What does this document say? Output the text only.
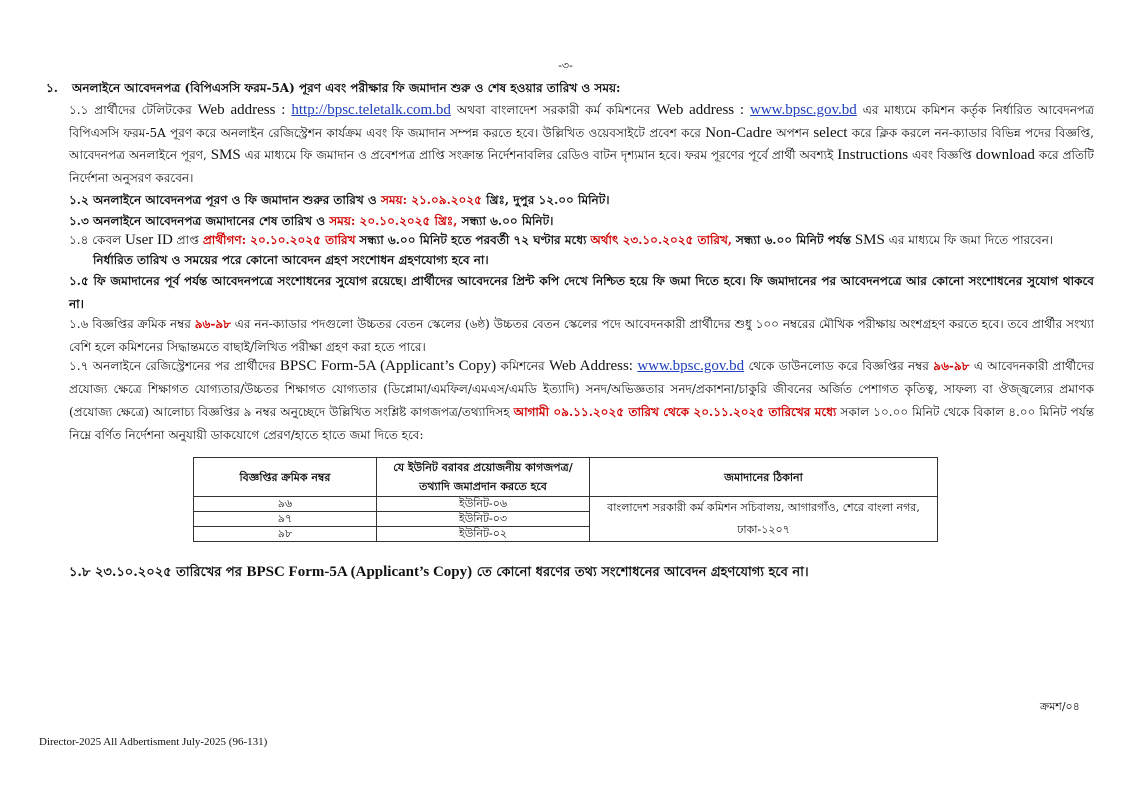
-৩-
১. অনলাইনে আবেদনপত্র (বিপিএসসি ফরম-5A) পূরণ এবং পরীক্ষার ফি জমাদান শুরু ও শেষ হওয়ার তারিখ ও সময়:
১.১ প্রার্থীদের টেলিটকের Web address : http://bpsc.teletalk.com.bd অথবা বাংলাদেশ সরকারী কর্ম কমিশনের Web address : www.bpsc.gov.bd এর মাধ্যমে কমিশন কর্তৃক নির্ধারিত আবেদনপত্র বিপিএসসি ফরম-5A পূরণ করে অনলাইন রেজিস্ট্রেশন কার্যক্রম এবং ফি জমাদান সম্পন্ন করতে হবে। উল্লিখিত ওয়েবসাইটে প্রবেশ করে Non-Cadre অপশন select করে ক্লিক করলে নন-ক্যাডার বিভিন্ন পদের বিজ্ঞপ্তি, আবেদনপত্র অনলাইনে পূরণ, SMS এর মাধ্যমে ফি জমাদান ও প্রবেশপত্র প্রাপ্তি সংক্রান্ত নির্দেশনাবলির রেডিও বাটন দৃশ্যমান হবে। ফরম পূরণের পূর্বে প্রার্থী অবশ্যই Instructions এবং বিজ্ঞপ্তি download করে প্রতিটি নির্দেশনা অনুসরণ করবেন।
১.২ অনলাইনে আবেদনপত্র পূরণ ও ফি জমাদান শুরুর তারিখ ও সময়: ২১.০৯.২০২৫ খ্রিঃ, দুপুর ১২.০০ মিনিট।
১.৩ অনলাইনে আবেদনপত্র জমাদানের শেষ তারিখ ও সময়: ২০.১০.২০২৫ খ্রিঃ, সন্ধ্যা ৬.০০ মিনিট।
১.৪ কেবল User ID প্রাপ্ত প্রার্থীগণ: ২০.১০.২০২৫ তারিখ সন্ধ্যা ৬.০০ মিনিট হতে পরবর্তী ৭২ ঘণ্টার মধ্যে অর্থাৎ ২৩.১০.২০২৫ তারিখ, সন্ধ্যা ৬.০০ মিনিট পর্যন্ত SMS এর মাধ্যমে ফি জমা দিতে পারবেন।
নির্ধারিত তারিখ ও সময়ের পরে কোনো আবেদন গ্রহণ সংশোধন গ্রহণযোগ্য হবে না।
১.৫ ফি জমাদানের পূর্ব পর্যন্ত আবেদনপত্রে সংশোধনের সুযোগ রয়েছে। প্রার্থীদের আবেদনের প্রিন্ট কপি দেখে নিশ্চিত হয়ে ফি জমা দিতে হবে। ফি জমাদানের পর আবেদনপত্রে আর কোনো সংশোধনের সুযোগ থাকবে না।
১.৬ বিজ্ঞপ্তির ক্রমিক নম্বর ৯৬-৯৮ এর নন-ক্যাডার পদগুলো উচ্চতর বেতন স্কেলের (৬ষ্ঠ) উচ্চতর বেতন স্কেলের পদে আবেদনকারী প্রার্থীদের শুধু ১০০ নম্বরের মৌখিক পরীক্ষায় অংশগ্রহণ করতে হবে। তবে প্রার্থীর সংখ্যা বেশি হলে কমিশনের সিদ্ধান্তমতে বাছাই/লিখিত পরীক্ষা গ্রহণ করা হতে পারে।
১.৭ অনলাইনে রেজিস্ট্রেশনের পর প্রার্থীদের BPSC Form-5A (Applicant’s Copy) কমিশনের Web Address: www.bpsc.gov.bd থেকে ডাউনলোড করে বিজ্ঞপ্তির নম্বর ৯৬-৯৮ এ আবেদনকারী প্রার্থীদের প্রযোজ্য ক্ষেত্রে শিক্ষাগত যোগ্যতার/উচ্চতর শিক্ষাগত যোগ্যতার (ডিপ্লোমা/এমফিল/এমএস/এমডি ইত্যাদি) সনদ/অভিজ্ঞতার সনদ/প্রকাশনা/চাকুরি জীবনের অর্জিত পেশাগত কৃতিত্ব, সাফল্য বা ঔজ্জ্বল্যের প্রমাণক (প্রযোজ্য ক্ষেত্রে) আলোচ্য বিজ্ঞপ্তির ৯ নম্বর অনুচ্ছেদে উল্লিখিত সংশ্লিষ্ট কাগজপত্র/তথ্যাদিসহ আগামী ০৯.১১.২০২৫ তারিখ থেকে ২০.১১.২০২৫ তারিখের মধ্যে সকাল ১০.০০ মিনিট থেকে বিকাল ৪.০০ মিনিট পর্যন্ত নিম্নে বর্ণিত নির্দেশনা অনুযায়ী ডাকযোগে প্রেরণ/হাতে হাতে জমা দিতে হবে:
বিজ্ঞপ্তির ক্রমিক নম্বর	যে ইউনিট বরাবর প্রয়োজনীয় কাগজপত্র/তথ্যাদি জমাপ্রদান করতে হবে	জমাদানের ঠিকানা
৯৬	ইউনিট-০৬	বাংলাদেশ সরকারী কর্ম কমিশন সচিবালয়, আগারগাঁও, শেরে বাংলা নগর, ঢাকা-১২০৭
৯৭	ইউনিট-০৩	
৯৮	ইউনিট-০২	
১.৮ ২৩.১০.২০২৫ তারিখের পর BPSC Form-5A (Applicant’s Copy) তে কোনো ধরণের তথ্য সংশোধনের আবেদন গ্রহণযোগ্য হবে না।
ক্রমশ/০৪
Director-2025 All Adbertisment July-2025 (96-131)
